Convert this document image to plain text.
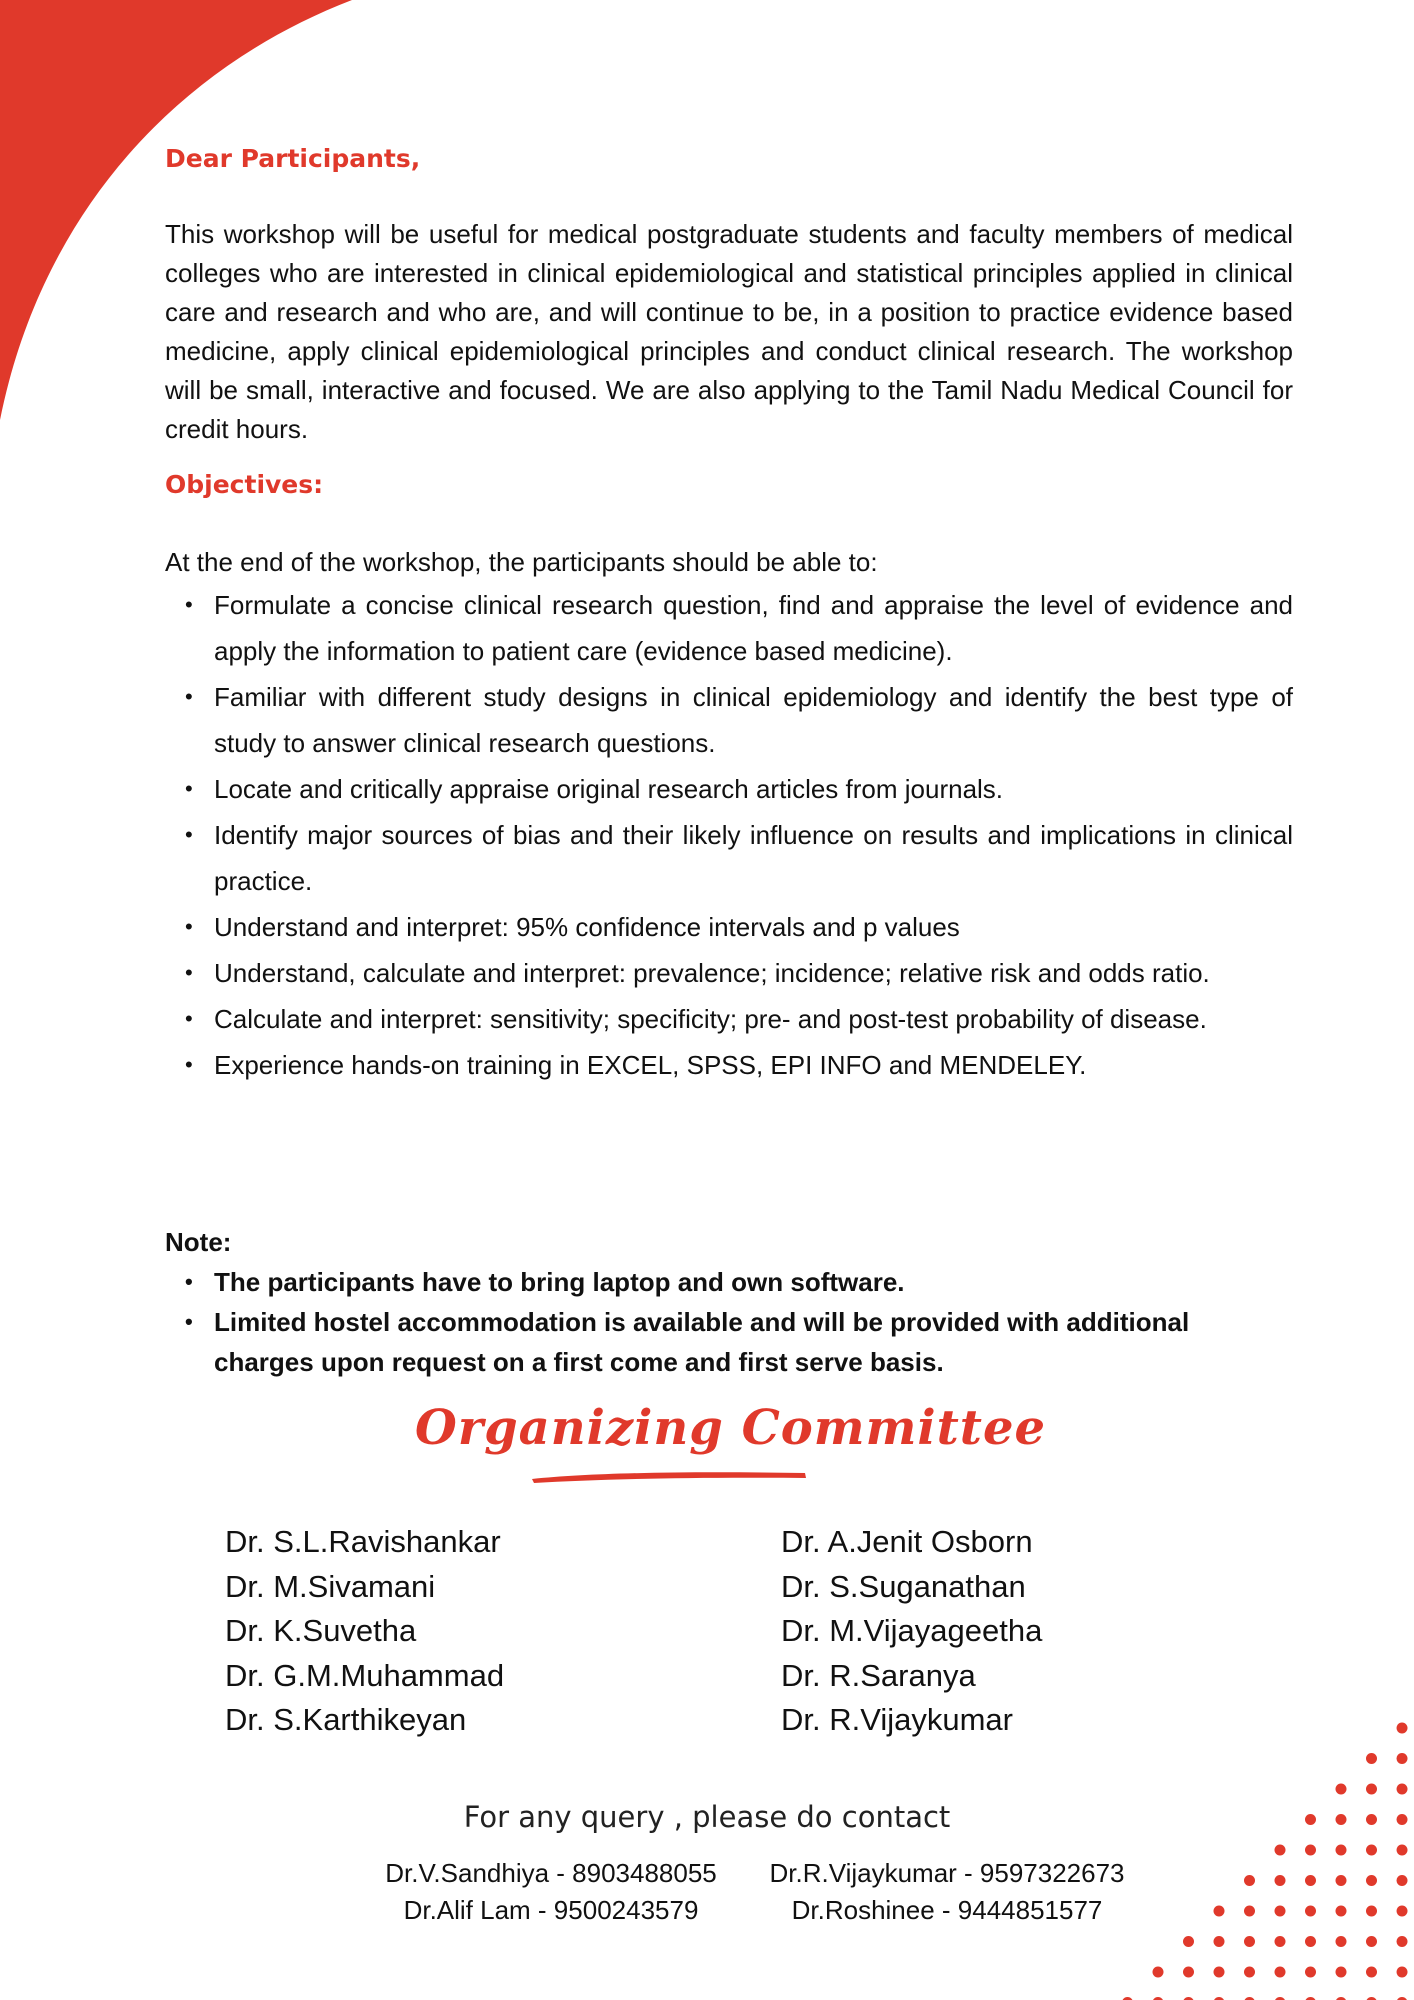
Dear Participants,

This workshop will be useful for medical postgraduate students and faculty members of medical colleges who are interested in clinical epidemiological and statistical principles applied in clinical care and research and who are, and will continue to be, in a position to practice evidence based medicine, apply clinical epidemiological principles and conduct clinical research. The workshop will be small, interactive and focused. We are also applying to the Tamil Nadu Medical Council for credit hours.

Objectives:
At the end of the workshop, the participants should be able to:
• Formulate a concise clinical research question, find and appraise the level of evidence and apply the information to patient care (evidence based medicine).
• Familiar with different study designs in clinical epidemiology and identify the best type of study to answer clinical research questions.
• Locate and critically appraise original research articles from journals.
• Identify major sources of bias and their likely influence on results and implications in clinical practice.
• Understand and interpret: 95% confidence intervals and p values
• Understand, calculate and interpret: prevalence; incidence; relative risk and odds ratio.
• Calculate and interpret: sensitivity; specificity; pre- and post-test probability of disease.
• Experience hands-on training in EXCEL, SPSS, EPI INFO and MENDELEY.
Note:
• The participants have to bring laptop and own software.
• Limited hostel accommodation is available and will be provided with additional charges upon request on a first come and first serve basis.
Organizing Committee
Dr. S.L.Ravishankar
Dr. M.Sivamani
Dr. K.Suvetha
Dr. G.M.Muhammad
Dr. S.Karthikeyan
Dr. A.Jenit Osborn
Dr. S.Suganathan
Dr. M.Vijayageetha
Dr. R.Saranya
Dr. R.Vijaykumar
For any query , please do contact
Dr.V.Sandhiya - 8903488055
Dr.Alif Lam - 9500243579
Dr.R.Vijaykumar - 9597322673
Dr.Roshinee - 9444851577
